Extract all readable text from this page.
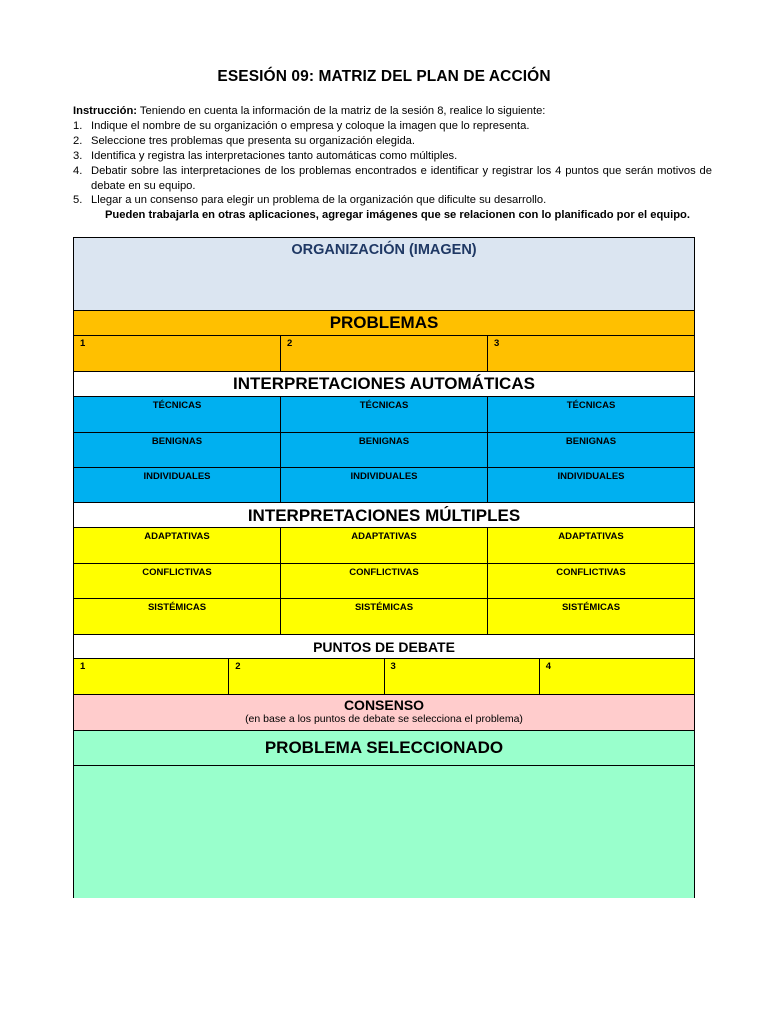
ESESIÓN 09: MATRIZ DEL PLAN DE ACCIÓN
Instrucción: Teniendo en cuenta la información de la matriz de la sesión 8, realice lo siguiente:
1. Indique el nombre de su organización o empresa y coloque la imagen que lo representa.
2. Seleccione tres problemas que presenta su organización elegida.
3. Identifica y registra las interpretaciones tanto automáticas como múltiples.
4. Debatir sobre las interpretaciones de los problemas encontrados e identificar y registrar los 4 puntos que serán motivos de debate en su equipo.
5. Llegar a un consenso para elegir un problema de la organización que dificulte su desarrollo.
Pueden trabajarla en otras aplicaciones, agregar imágenes que se relacionen con lo planificado por el equipo.
ORGANIZACIÓN (IMAGEN)
PROBLEMAS
1	2	3
INTERPRETACIONES AUTOMÁTICAS
TÉCNICAS	TÉCNICAS	TÉCNICAS
BENIGNAS	BENIGNAS	BENIGNAS
INDIVIDUALES	INDIVIDUALES	INDIVIDUALES
INTERPRETACIONES MÚLTIPLES
ADAPTATIVAS	ADAPTATIVAS	ADAPTATIVAS
CONFLICTIVAS	CONFLICTIVAS	CONFLICTIVAS
SISTÉMICAS	SISTÉMICAS	SISTÉMICAS
PUNTOS DE DEBATE
1	2	3	4
CONSENSO
(en base a los puntos de debate se selecciona el problema)
PROBLEMA SELECCIONADO
